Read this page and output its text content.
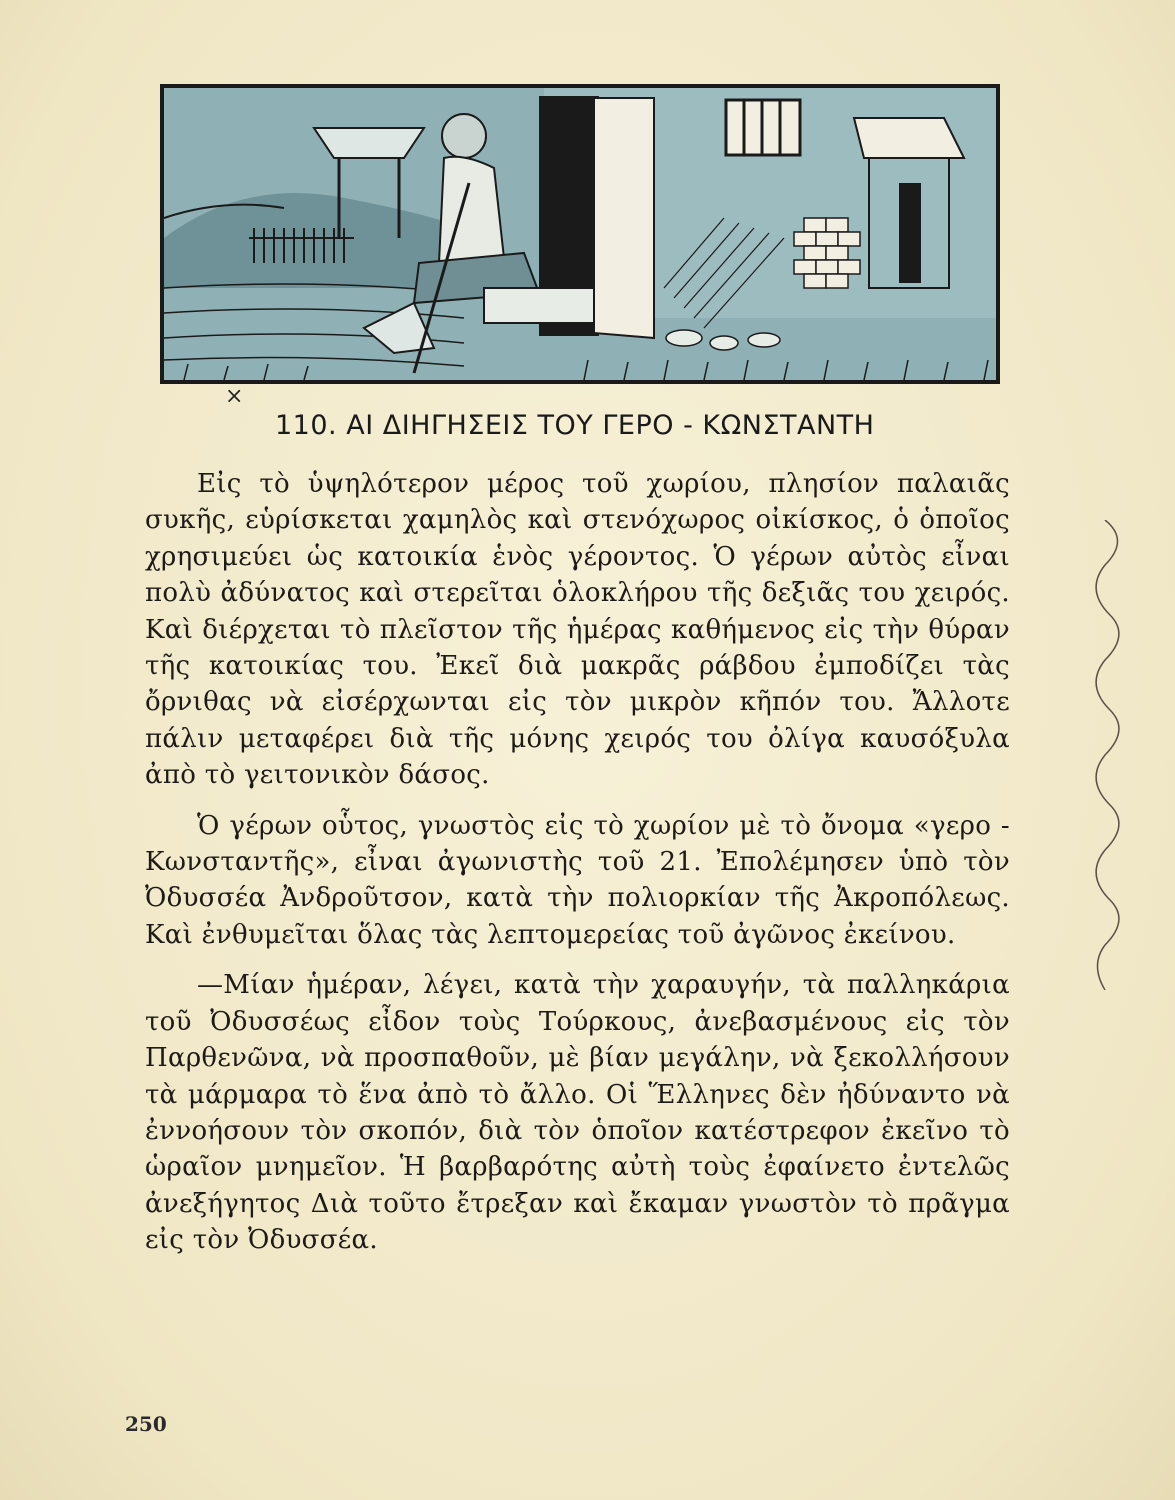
×
110. ΑΙ ΔΙΗΓΗΣΕΙΣ ΤΟΥ ΓΕΡΟ - ΚΩΝΣΤΑΝΤΗ

Εἰς τὸ ὑψηλότερον μέρος τοῦ χωρίου, πλησίον παλαιᾶς συκῆς, εὑρίσκεται χαμηλὸς καὶ στενόχωρος οἰκίσκος, ὁ ὁποῖος χρησιμεύει ὡς κατοικία ἑνὸς γέροντος. Ὁ γέρων αὐτὸς εἶναι πολὺ ἀδύνατος καὶ στερεῖται ὁλοκλήρου τῆς δεξιᾶς του χειρός. Καὶ διέρχεται τὸ πλεῖστον τῆς ἡμέρας καθήμενος εἰς τὴν θύραν τῆς κατοικίας του. Ἐκεῖ διὰ μακρᾶς ράβδου ἐμποδίζει τὰς ὄρνιθας νὰ εἰσέρχωνται εἰς τὸν μικρὸν κῆπόν του. Ἄλλοτε πάλιν μεταφέρει διὰ τῆς μόνης χειρός του ὀλίγα καυσόξυλα ἀπὸ τὸ γειτονικὸν δάσος.

Ὁ γέρων οὗτος, γνωστὸς εἰς τὸ χωρίον μὲ τὸ ὄνομα «γερο - Κωνσταντῆς», εἶναι ἀγωνιστὴς τοῦ 21. Ἐπολέμησεν ὑπὸ τὸν Ὀδυσσέα Ἀνδροῦτσον, κατὰ τὴν πολιορκίαν τῆς Ἀκροπόλεως. Καὶ ἐνθυμεῖται ὅλας τὰς λεπτομερείας τοῦ ἀγῶνος ἐκείνου.

—Μίαν ἡμέραν, λέγει, κατὰ τὴν χαραυγήν, τὰ παλληκάρια τοῦ Ὀδυσσέως εἶδον τοὺς Τούρκους, ἀνεβασμένους εἰς τὸν Παρθενῶνα, νὰ προσπαθοῦν, μὲ βίαν μεγάλην, νὰ ξεκολλήσουν τὰ μάρμαρα τὸ ἕνα ἀπὸ τὸ ἄλλο. Οἱ Ἕλληνες δὲν ἠδύναντο νὰ ἐννοήσουν τὸν σκοπόν, διὰ τὸν ὁποῖον κατέστρεφον ἐκεῖνο τὸ ὡραῖον μνημεῖον. Ἡ βαρβαρότης αὐτὴ τοὺς ἐφαίνετο ἐντελῶς ἀνεξήγητος Διὰ τοῦτο ἔτρεξαν καὶ ἔκαμαν γνωστὸν τὸ πρᾶγμα εἰς τὸν Ὀδυσσέα.

250
